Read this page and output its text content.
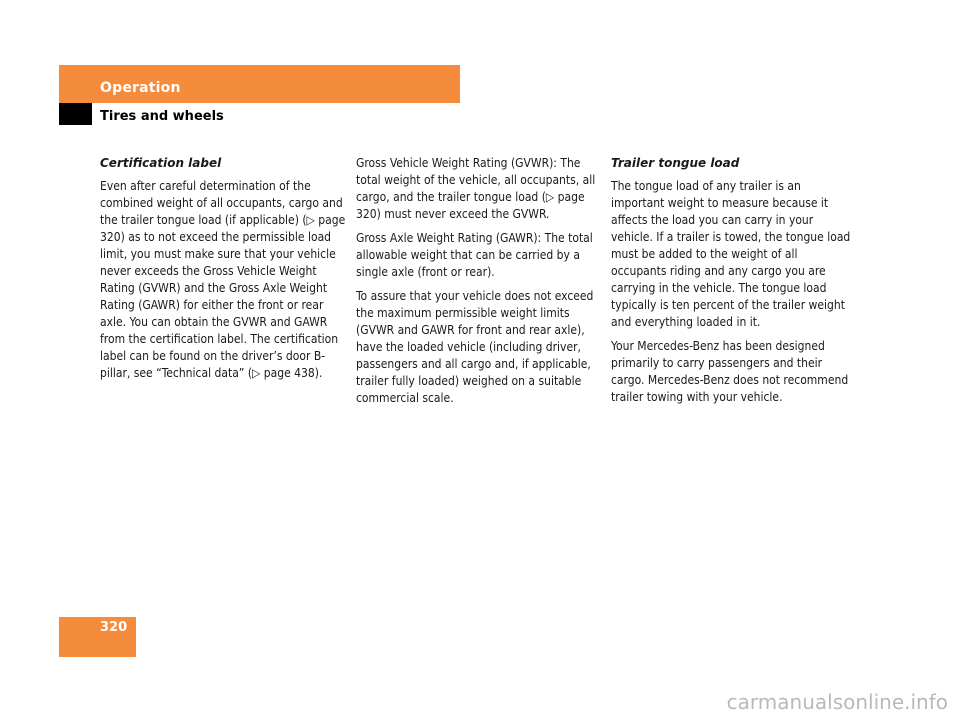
Operation
Tires and wheels
Certification label

Even after careful determination of the combined weight of all occupants, cargo and the trailer tongue load (if applicable) (▷ page 320) as to not exceed the permissible load limit, you must make sure that your vehicle never exceeds the Gross Vehicle Weight Rating (GVWR) and the Gross Axle Weight Rating (GAWR) for either the front or rear axle. You can obtain the GVWR and GAWR from the certification label. The certification label can be found on the driver’s door B-pillar, see “Technical data” (▷ page 438).

Gross Vehicle Weight Rating (GVWR): The total weight of the vehicle, all occupants, all cargo, and the trailer tongue load (▷ page 320) must never exceed the GVWR.

Gross Axle Weight Rating (GAWR): The total allowable weight that can be carried by a single axle (front or rear).

To assure that your vehicle does not exceed the maximum permissible weight limits (GVWR and GAWR for front and rear axle), have the loaded vehicle (including driver, passengers and all cargo and, if applicable, trailer fully loaded) weighed on a suitable commercial scale.

Trailer tongue load

The tongue load of any trailer is an important weight to measure because it affects the load you can carry in your vehicle. If a trailer is towed, the tongue load must be added to the weight of all occupants riding and any cargo you are carrying in the vehicle. The tongue load typically is ten percent of the trailer weight and everything loaded in it.

Your Mercedes-Benz has been designed primarily to carry passengers and their cargo. Mercedes-Benz does not recommend trailer towing with your vehicle.

320
carmanualsonline.info
